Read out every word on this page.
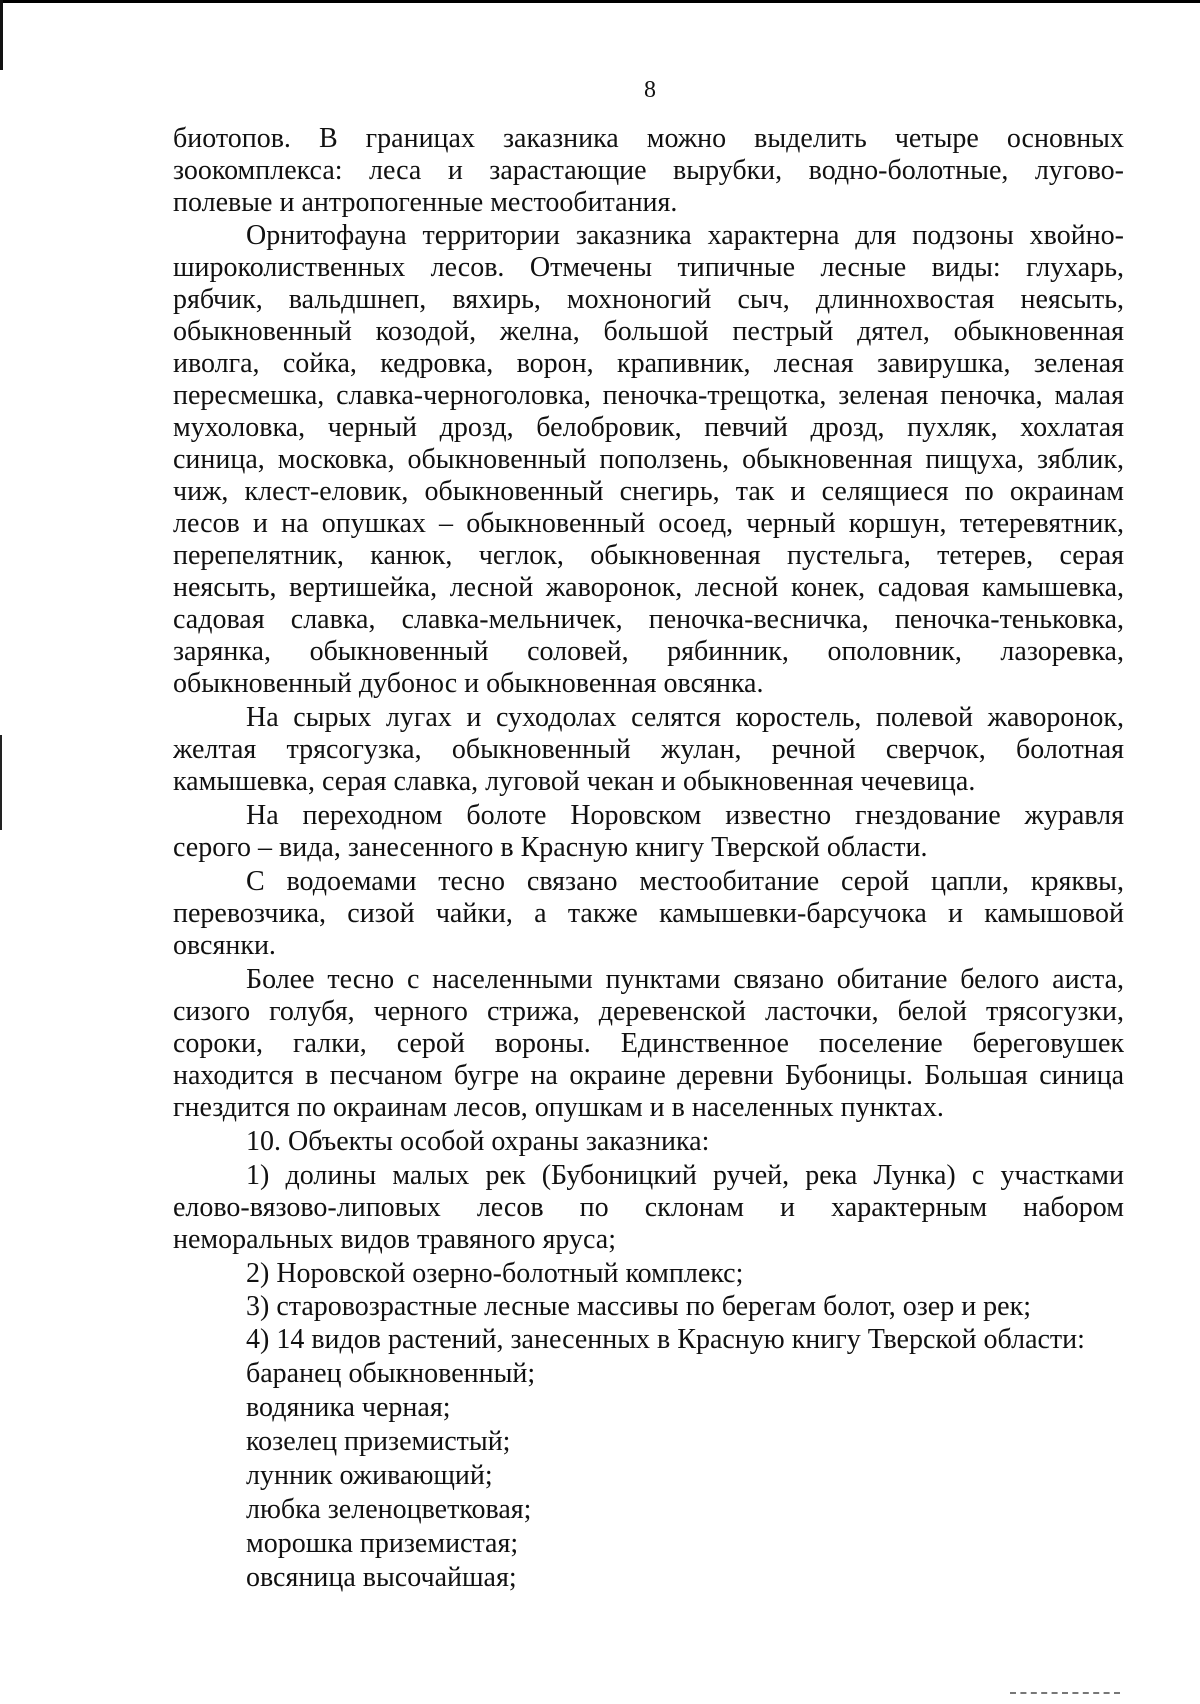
8
биотопов. В границах заказника можно выделить четыре основных
зоокомплекса: леса и зарастающие вырубки, водно-болотные, лугово-
полевые и антропогенные местообитания.
Орнитофауна территории заказника характерна для подзоны хвойно-
широколиственных лесов. Отмечены типичные лесные виды: глухарь,
рябчик, вальдшнеп, вяхирь, мохноногий сыч, длиннохвостая неясыть,
обыкновенный козодой, желна, большой пестрый дятел, обыкновенная
иволга, сойка, кедровка, ворон, крапивник, лесная завирушка, зеленая
пересмешка, славка-черноголовка, пеночка-трещотка, зеленая пеночка, малая
мухоловка, черный дрозд, белобровик, певчий дрозд, пухляк, хохлатая
синица, московка, обыкновенный поползень, обыкновенная пищуха, зяблик,
чиж, клест-еловик, обыкновенный снегирь, так и селящиеся по окраинам
лесов и на опушках – обыкновенный осоед, черный коршун, тетеревятник,
перепелятник, канюк, чеглок, обыкновенная пустельга, тетерев, серая
неясыть, вертишейка, лесной жаворонок, лесной конек, садовая камышевка,
садовая славка, славка-мельничек, пеночка-весничка, пеночка-теньковка,
зарянка, обыкновенный соловей, рябинник, ополовник, лазоревка,
обыкновенный дубонос и обыкновенная овсянка.
На сырых лугах и суходолах селятся коростель, полевой жаворонок,
желтая трясогузка, обыкновенный жулан, речной сверчок, болотная
камышевка, серая славка, луговой чекан и обыкновенная чечевица.
На переходном болоте Норовском известно гнездование журавля
серого – вида, занесенного в Красную книгу Тверской области.
С водоемами тесно связано местообитание серой цапли, кряквы,
перевозчика, сизой чайки, а также камышевки-барсучока и камышовой
овсянки.
Более тесно с населенными пунктами связано обитание белого аиста,
сизого голубя, черного стрижа, деревенской ласточки, белой трясогузки,
сороки, галки, серой вороны. Единственное поселение береговушек
находится в песчаном бугре на окраине деревни Бубоницы. Большая синица
гнездится по окраинам лесов, опушкам и в населенных пунктах.
10. Объекты особой охраны заказника:
1) долины малых рек (Бубоницкий ручей, река Лунка) с участками
елово-вязово-липовых лесов по склонам и характерным набором
неморальных видов травяного яруса;
2) Норовской озерно-болотный комплекс;
3) старовозрастные лесные массивы по берегам болот, озер и рек;
4) 14 видов растений, занесенных в Красную книгу Тверской области:
баранец обыкновенный;
водяника черная;
козелец приземистый;
лунник оживающий;
любка зеленоцветковая;
морошка приземистая;
овсяница высочайшая;
